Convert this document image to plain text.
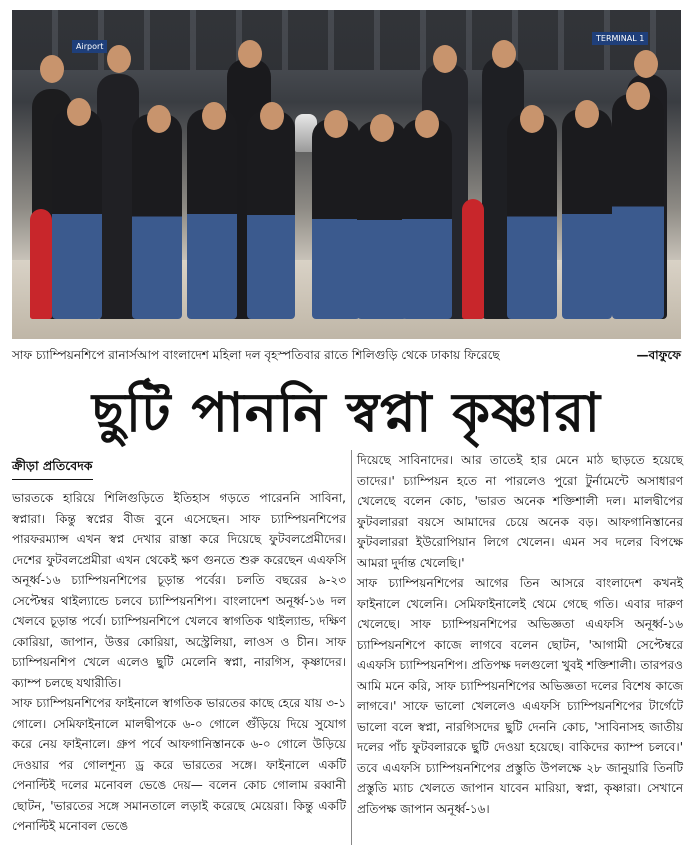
Airport
TERMINAL 1
সাফ চ্যাম্পিয়নশিপে রানার্সআপ বাংলাদেশ মহিলা দল বৃহস্পতিবার রাতে শিলিগুড়ি থেকে ঢাকায় ফিরেছে	—বাফুফে
ছুটি পাননি স্বপ্না কৃষ্ণারা
ক্রীড়া প্রতিবেদক

ভারতকে হারিয়ে শিলিগুড়িতে ইতিহাস গড়তে পারেননি সাবিনা, স্বপ্নারা। কিন্তু স্বপ্নের বীজ বুনে এসেছেন। সাফ চ্যাম্পিয়নশিপের পারফরম্যান্স এখন স্বপ্ন দেখার রাস্তা করে দিয়েছে ফুটবলপ্রেমীদের। দেশের ফুটবলপ্রেমীরা এখন থেকেই ক্ষণ গুনতে শুরু করেছেন এএফসি অনূর্ধ্ব-১৬ চ্যাম্পিয়নশিপের চূড়ান্ত পর্বের। চলতি বছরের ৯-২৩ সেপ্টেম্বর থাইল্যান্ডে চলবে চ্যাম্পিয়নশিপ। বাংলাদেশ অনূর্ধ্ব-১৬ দল খেলবে চূড়ান্ত পর্বে। চ্যাম্পিয়নশিপে খেলবে স্বাগতিক থাইল্যান্ড, দক্ষিণ কোরিয়া, জাপান, উত্তর কোরিয়া, অস্ট্রেলিয়া, লাওস ও চীন। সাফ চ্যাম্পিয়নশিপ খেলে এলেও ছুটি মেলেনি স্বপ্না, নারগিস, কৃষ্ণাদের। ক্যাম্প চলছে যথারীতি।

সাফ চ্যাম্পিয়নশিপের ফাইনালে স্বাগতিক ভারতের কাছে হেরে যায় ৩-১ গোলে। সেমিফাইনালে মালদ্বীপকে ৬-০ গোলে গুঁড়িয়ে দিয়ে সুযোগ করে নেয় ফাইনালে। গ্রুপ পর্বে আফগানিস্তানকে ৬-০ গোলে উড়িয়ে দেওয়ার পর গোলশূন্য ড্র করে ভারতের সঙ্গে। ফাইনালে একটি পেনাল্টিই দলের মনোবল ভেঙে দেয়— বলেন কোচ গোলাম রব্বানী ছোটন, 'ভারতের সঙ্গে সমানতালে লড়াই করেছে মেয়েরা। কিন্তু একটি পেনাল্টিই মনোবল ভেঙে

দিয়েছে সাবিনাদের। আর তাতেই হার মেনে মাঠ ছাড়তে হয়েছে তাদের।' চ্যাম্পিয়ন হতে না পারলেও পুরো টুর্নামেন্টে অসাধারণ খেলেছে বলেন কোচ, 'ভারত অনেক শক্তিশালী দল। মালদ্বীপের ফুটবলাররা বয়সে আমাদের চেয়ে অনেক বড়। আফগানিস্তানের ফুটবলাররা ইউরোপিয়ান লিগে খেলেন। এমন সব দলের বিপক্ষে আমরা দুর্দান্ত খেলেছি।'

সাফ চ্যাম্পিয়নশিপের আগের তিন আসরে বাংলাদেশ কখনই ফাইনালে খেলেনি। সেমিফাইনালেই থেমে গেছে গতি। এবার দারুণ খেলেছে। সাফ চ্যাম্পিয়নশিপের অভিজ্ঞতা এএফসি অনূর্ধ্ব-১৬ চ্যাম্পিয়নশিপে কাজে লাগবে বলেন ছোটন, 'আগামী সেপ্টেম্বরে এএফসি চ্যাম্পিয়নশিপ। প্রতিপক্ষ দলগুলো খুবই শক্তিশালী। তারপরও আমি মনে করি, সাফ চ্যাম্পিয়নশিপের অভিজ্ঞতা দলের বিশেষ কাজে লাগবে।' সাফে ভালো খেললেও এএফসি চ্যাম্পিয়নশিপের টার্গেটে ভালো বলে স্বপ্না, নারগিসদের ছুটি দেননি কোচ, 'সাবিনাসহ জাতীয় দলের পাঁচ ফুটবলারকে ছুটি দেওয়া হয়েছে। বাকিদের ক্যাম্প চলবে।' তবে এএফসি চ্যাম্পিয়নশিপের প্রস্তুতি উপলক্ষে ২৮ জানুয়ারি তিনটি প্রস্তুতি ম্যাচ খেলতে জাপান যাবেন মারিয়া, স্বপ্না, কৃষ্ণারা। সেখানে প্রতিপক্ষ জাপান অনূর্ধ্ব-১৬।
